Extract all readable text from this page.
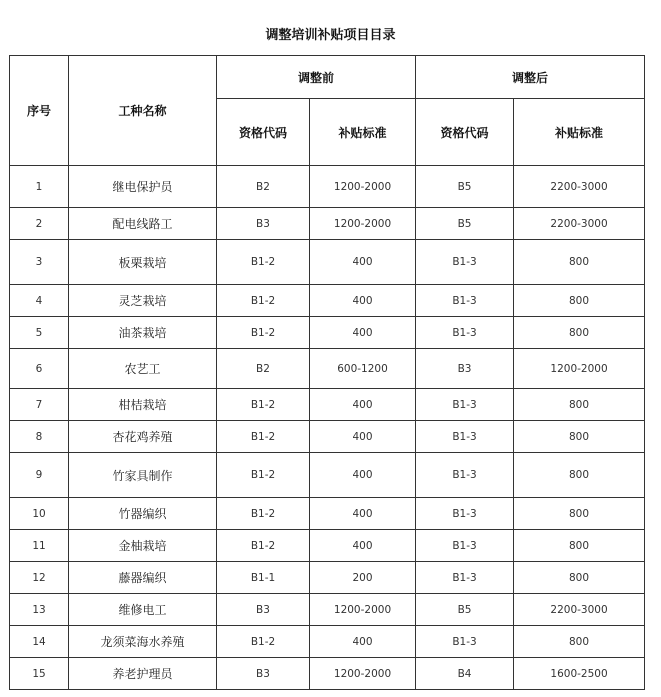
调整培训补贴项目目录
序号	工种名称	调整前		调整后	
		资格代码	补贴标准	资格代码	补贴标准
1	继电保护员	B2	1200-2000	B5	2200-3000
2	配电线路工	B3	1200-2000	B5	2200-3000
3	板栗栽培	B1-2	400	B1-3	800
4	灵芝栽培	B1-2	400	B1-3	800
5	油茶栽培	B1-2	400	B1-3	800
6	农艺工	B2	600-1200	B3	1200-2000
7	柑桔栽培	B1-2	400	B1-3	800
8	杏花鸡养殖	B1-2	400	B1-3	800
9	竹家具制作	B1-2	400	B1-3	800
10	竹器编织	B1-2	400	B1-3	800
11	金柚栽培	B1-2	400	B1-3	800
12	藤器编织	B1-1	200	B1-3	800
13	维修电工	B3	1200-2000	B5	2200-3000
14	龙须菜海水养殖	B1-2	400	B1-3	800
15	养老护理员	B3	1200-2000	B4	1600-2500
